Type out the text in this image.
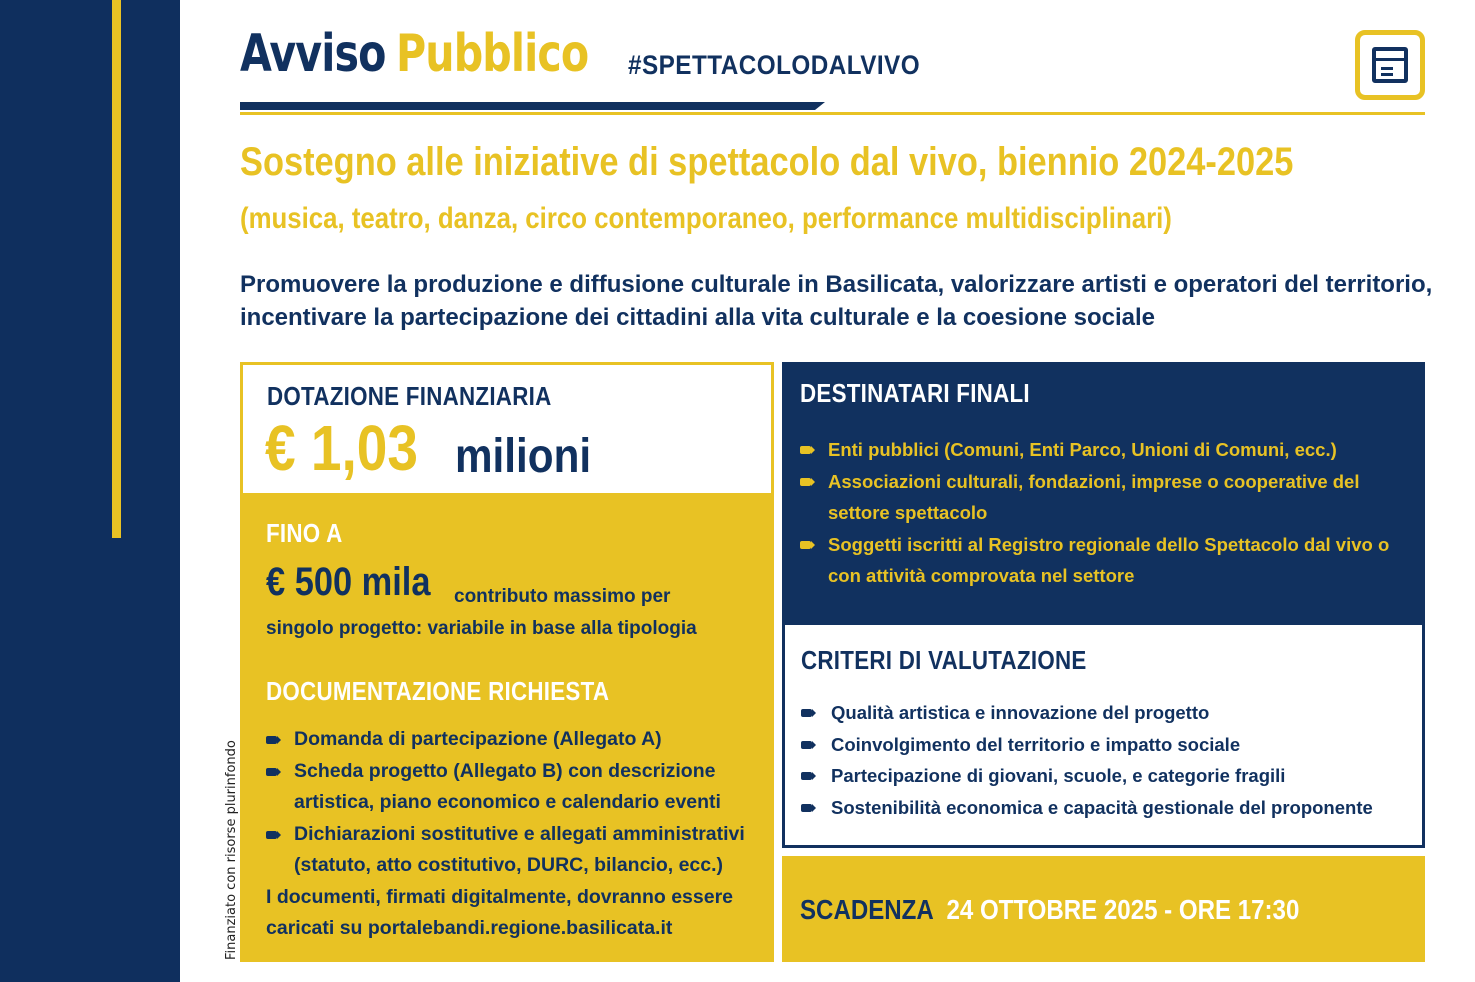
Finanziato con risorse plurinfondo
Avviso Pubblico	#SPETTACOLODALVIVO
Sostegno alle iniziative di spettacolo dal vivo, biennio 2024-2025
(musica, teatro, danza, circo contemporaneo, performance multidisciplinari)
Promuovere la produzione e diffusione culturale in Basilicata, valorizzare artisti e operatori del territorio, incentivare la partecipazione dei cittadini alla vita culturale e la coesione sociale
DOTAZIONE FINANZIARIA
€ 1,03 milioni
FINO A
€ 500 mila	contributo massimo per
singolo progetto: variabile in base alla tipologia
DOCUMENTAZIONE RICHIESTA
Domanda di partecipazione (Allegato A)
Scheda progetto (Allegato B) con descrizione artistica, piano economico e calendario eventi
Dichiarazioni sostitutive e allegati amministrativi (statuto, atto costitutivo, DURC, bilancio, ecc.)
I documenti, firmati digitalmente, dovranno essere caricati su portalebandi.regione.basilicata.it
DESTINATARI FINALI
Enti pubblici (Comuni, Enti Parco, Unioni di Comuni, ecc.)
Associazioni culturali, fondazioni, imprese o cooperative del settore spettacolo
Soggetti iscritti al Registro regionale dello Spettacolo dal vivo o con attività comprovata nel settore
CRITERI DI VALUTAZIONE
Qualità artistica e innovazione del progetto
Coinvolgimento del territorio e impatto sociale
Partecipazione di giovani, scuole, e categorie fragili
Sostenibilità economica e capacità gestionale del proponente
SCADENZA 24 OTTOBRE 2025 - ORE 17:30
